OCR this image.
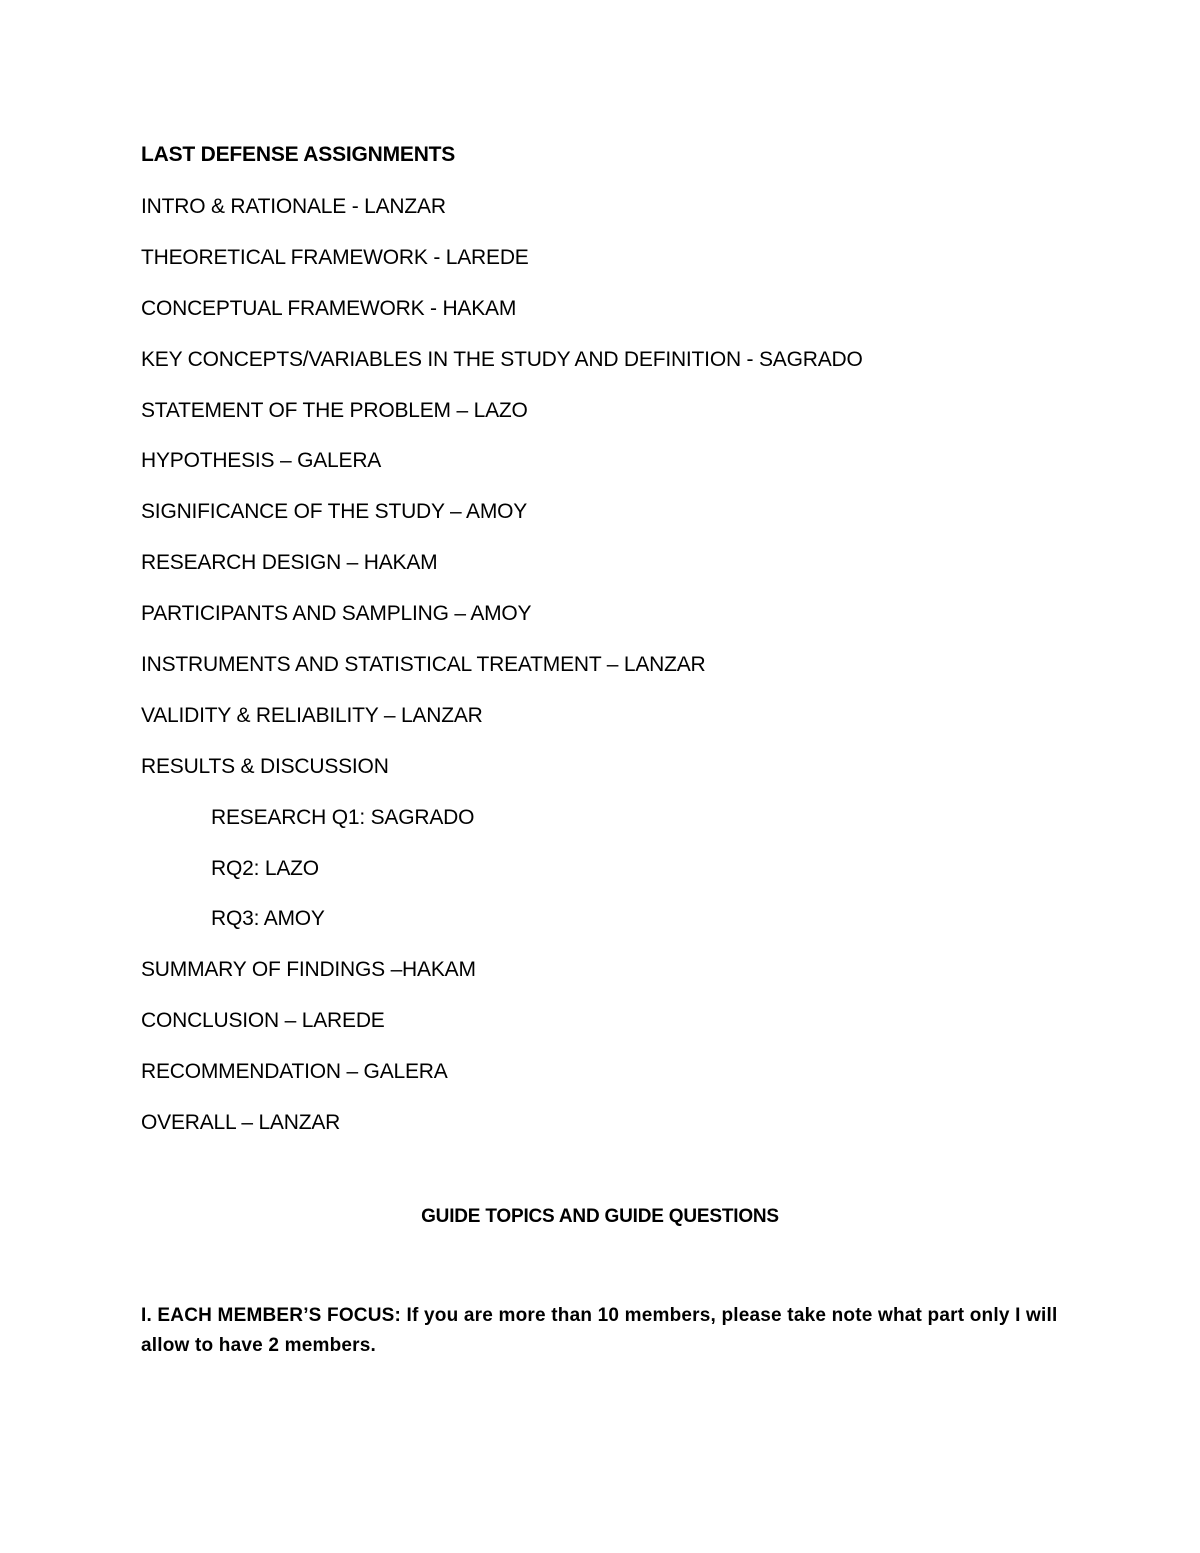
LAST DEFENSE ASSIGNMENTS
INTRO & RATIONALE - LANZAR
THEORETICAL FRAMEWORK - LAREDE
CONCEPTUAL FRAMEWORK - HAKAM
KEY CONCEPTS/VARIABLES IN THE STUDY AND DEFINITION - SAGRADO
STATEMENT OF THE PROBLEM – LAZO
HYPOTHESIS – GALERA
SIGNIFICANCE OF THE STUDY – AMOY
RESEARCH DESIGN – HAKAM
PARTICIPANTS AND SAMPLING – AMOY
INSTRUMENTS AND STATISTICAL TREATMENT – LANZAR
VALIDITY & RELIABILITY – LANZAR
RESULTS & DISCUSSION
RESEARCH Q1: SAGRADO
RQ2: LAZO
RQ3: AMOY
SUMMARY OF FINDINGS –HAKAM
CONCLUSION – LAREDE
RECOMMENDATION – GALERA
OVERALL – LANZAR
GUIDE TOPICS AND GUIDE QUESTIONS
I. EACH MEMBER’S FOCUS: If you are more than 10 members, please take note what part only I will allow to have 2 members.
